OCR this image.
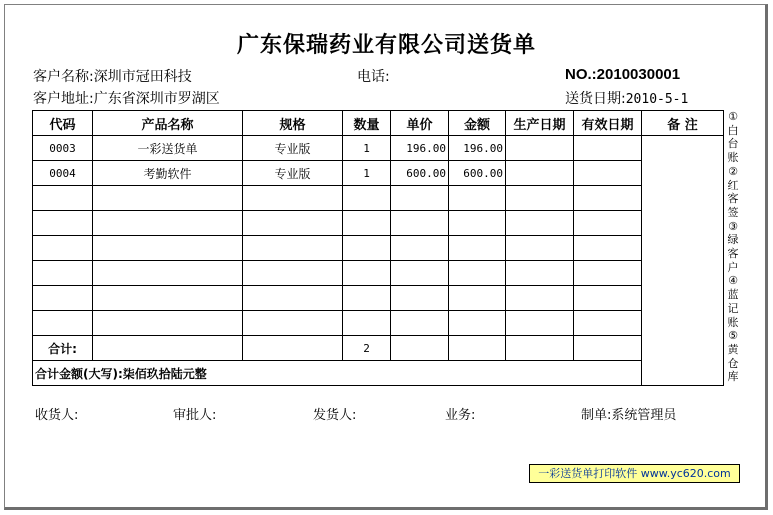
广东保瑞药业有限公司送货单
客户名称:深圳市冠田科技	电话:	NO.:2010030001
客户地址:广东省深圳市罗湖区	送货日期:2010-5-1
代码	产品名称	规格	数量	单价	金额	生产日期	有效日期	备 注
0003	一彩送货单	专业版	1	196.00	196.00			
0004	考勤软件	专业版	1	600.00	600.00			

合计:			2					
合计金额(大写):柒佰玖拾陆元整								
①
白
台
账
②
红
客
签
③
绿
客
户
④
蓝
记
账
⑤
黄
仓
库
收货人:	审批人:	发货人:	业务:	制单:系统管理员
一彩送货单打印软件 www.yc620.com
